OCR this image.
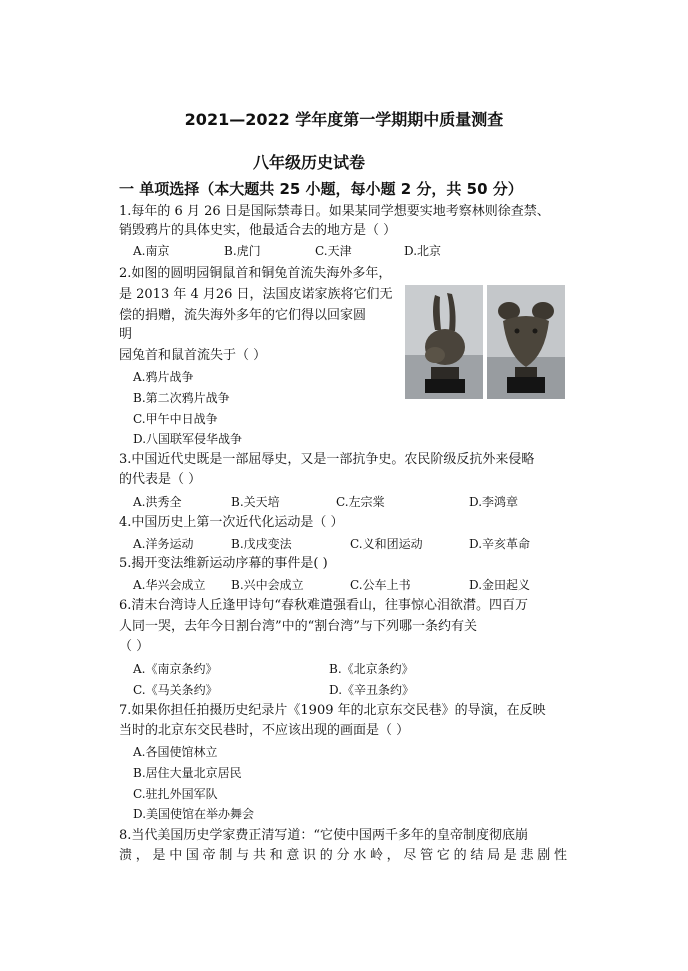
2021—2022 学年度第一学期期中质量测查
八年级历史试卷
一 单项选择（本大题共 25 小题，每小题 2 分，共 50 分）
1.每年的 6 月 26 日是国际禁毒日。如果某同学想要实地考察林则徐查禁、
销毁鸦片的具体史实，他最适合去的地方是（ ）
A.南京	B.虎门	C.天津	D.北京
2.如图的圆明园铜鼠首和铜兔首流失海外多年，
是 2013 年 4 月26 日，法国皮诺家族将它们无
偿的捐赠，流失海外多年的它们得以回家圆
明
园兔首和鼠首流失于（ ）
A.鸦片战争
B.第二次鸦片战争
C.甲午中日战争
D.八国联军侵华战争
3.中国近代史既是一部屈辱史，又是一部抗争史。农民阶级反抗外来侵略
的代表是（ ）
A.洪秀全	B.关天培	C.左宗棠	D.李鸿章
4.中国历史上第一次近代化运动是（ ）
A.洋务运动	B.戊戌变法	C.义和团运动	D.辛亥革命
5.揭开变法维新运动序幕的事件是( )
A.华兴会成立 B.兴中会成立	C.公车上书	D.金田起义
6.清末台湾诗人丘逢甲诗句“春秋难遣强看山，往事惊心泪欲潸。四百万
人同一哭，去年今日割台湾”中的“割台湾”与下列哪一条约有关
（ ）
A.《南京条约》	B.《北京条约》
C.《马关条约》	D.《辛丑条约》
7.如果你担任拍摄历史纪录片《1909 年的北京东交民巷》的导演，在反映
当时的北京东交民巷时，不应该出现的画面是（ ）
A.各国使馆林立
B.居住大量北京居民
C.驻扎外国军队
D.美国使馆在举办舞会
8.当代美国历史学家费正清写道：“它使中国两千多年的皇帝制度彻底崩
溃，是中国帝制与共和意识的分水岭，尽管它的结局是悲剧性
